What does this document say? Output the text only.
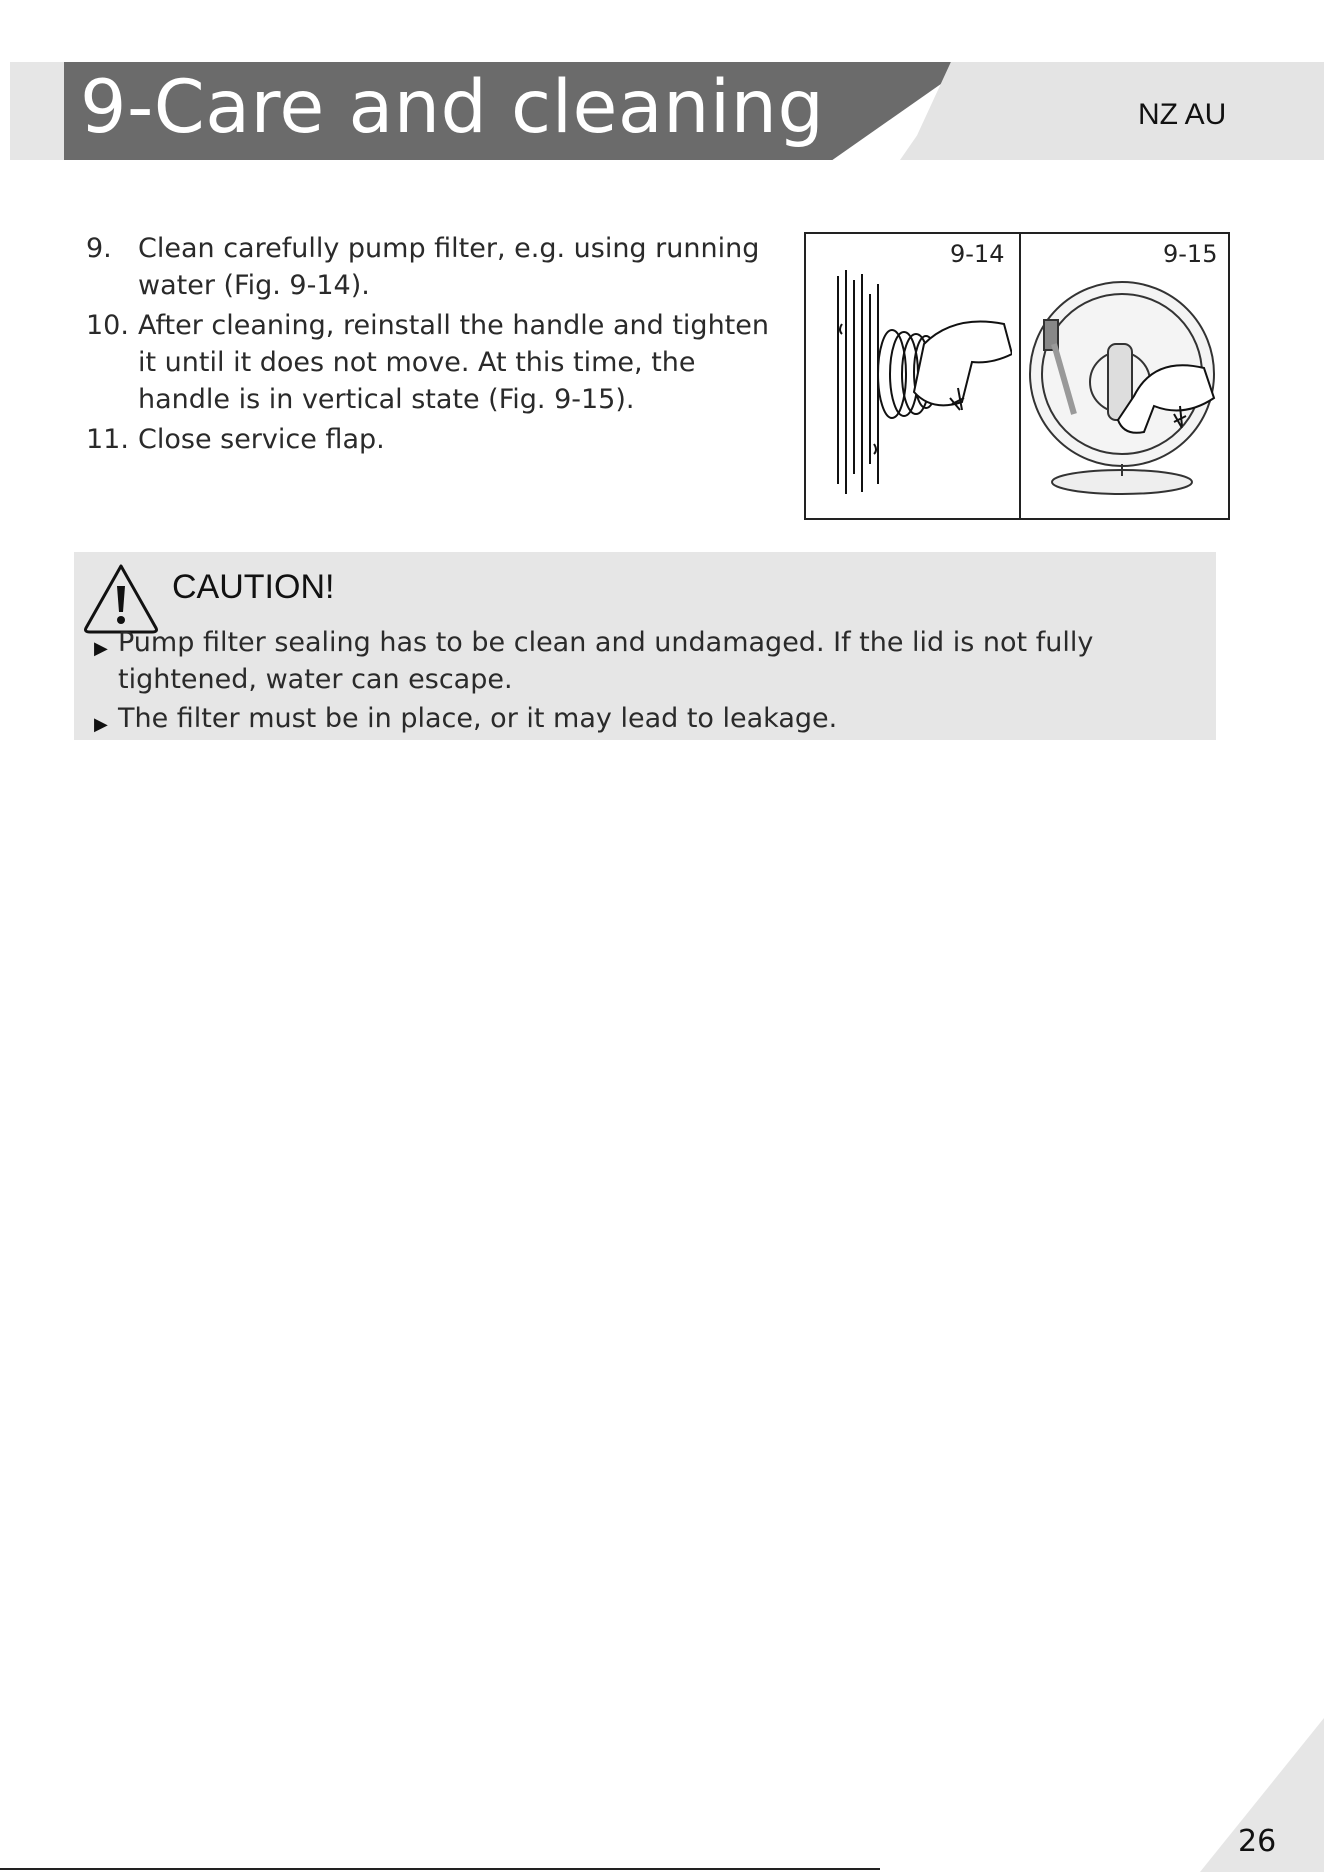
9-Care and cleaning	NZ AU
9. Clean carefully pump filter, e.g. using running water (Fig. 9-14).
10. After cleaning, reinstall the handle and tighten it until it does not move. At this time, the handle is in vertical state (Fig. 9-15).
11. Close service flap.
9-14	9-15
CAUTION!
▶ Pump filter sealing has to be clean and undamaged. If the lid is not fully tightened, water can escape.
▶ The filter must be in place, or it may lead to leakage.
26
